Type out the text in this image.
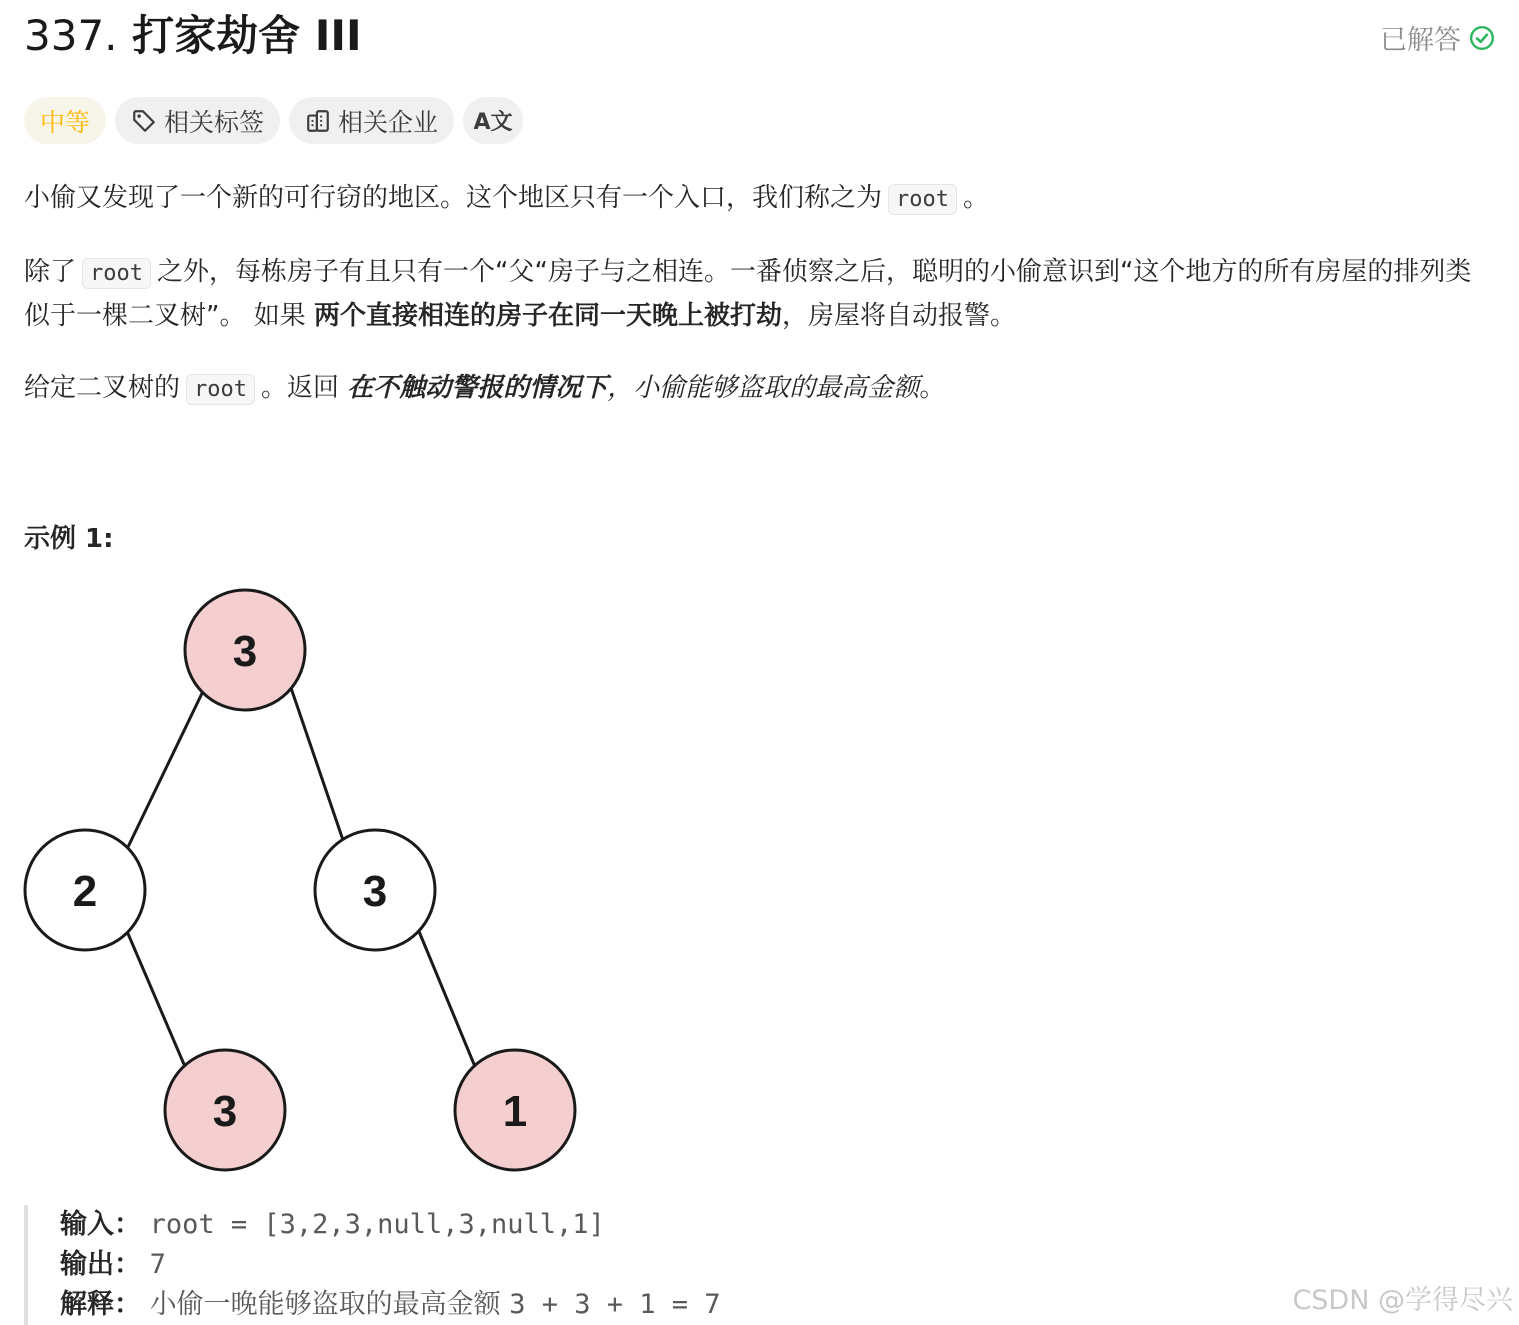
337. 打家劫舍 III	已解答
中等	相关标签	相关企业 A文
小偷又发现了一个新的可行窃的地区。这个地区只有一个入口，我们称之为 root 。
除了 root 之外，每栋房子有且只有一个“父“房子与之相连。一番侦察之后，聪明的小偷意识到“这个地方的所有房屋的排列类似于一棵二叉树”。 如果 两个直接相连的房子在同一天晚上被打劫，房屋将自动报警。
给定二叉树的 root 。返回 在不触动警报的情况下，小偷能够盗取的最高金额。
示例 1:
3
2	3
3	1
输入： root = [3,2,3,null,3,null,1]
输出： 7
解释： 小偷一晚能够盗取的最高金额 3 + 3 + 1 = 7	CSDN @学得尽兴
